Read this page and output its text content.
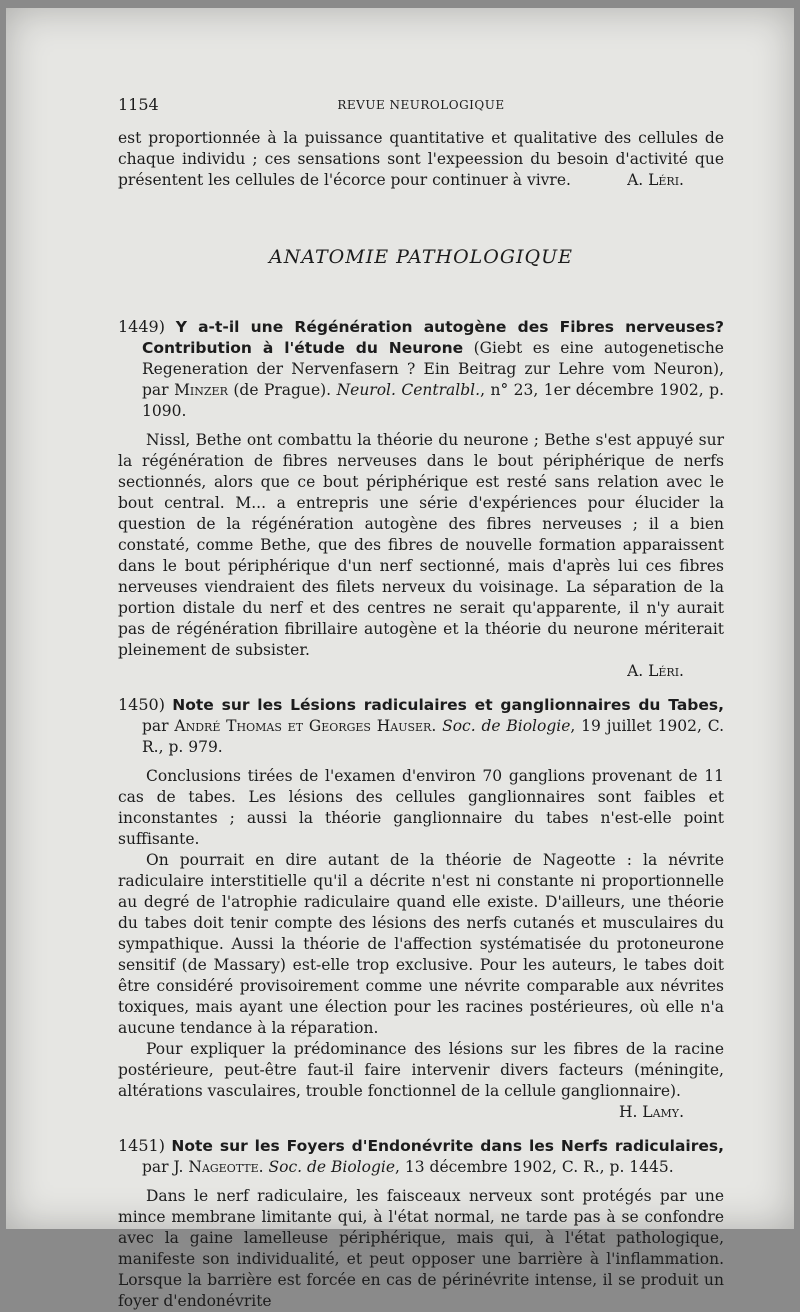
1154	REVUE NEUROLOGIQUE

est proportionnée à la puissance quantitative et qualitative des cellules de chaque individu ; ces sensations sont l'expeession du besoin d'activité que présentent les cellules de l'écorce pour continuer à vivre.	A. Léri.

ANATOMIE PATHOLOGIQUE

1449) Y a-t-il une Régénération autogène des Fibres nerveuses? Contribution à l'étude du Neurone (Giebt es eine autogenetische Regeneration der Nervenfasern ? Ein Beitrag zur Lehre vom Neuron), par Minzer (de Prague). Neurol. Centralbl., n° 23, 1er décembre 1902, p. 1090.

Nissl, Bethe ont combattu la théorie du neurone ; Bethe s'est appuyé sur la régénération de fibres nerveuses dans le bout périphérique de nerfs sectionnés, alors que ce bout périphérique est resté sans relation avec le bout central. M... a entrepris une série d'expériences pour élucider la question de la régénération autogène des fibres nerveuses ; il a bien constaté, comme Bethe, que des fibres de nouvelle formation apparaissent dans le bout périphérique d'un nerf sectionné, mais d'après lui ces fibres nerveuses viendraient des filets nerveux du voisinage. La séparation de la portion distale du nerf et des centres ne serait qu'apparente, il n'y aurait pas de régénération fibrillaire autogène et la théorie du neurone mériterait pleinement de subsister.

A. Léri.

1450) Note sur les Lésions radiculaires et ganglionnaires du Tabes, par André Thomas et Georges Hauser. Soc. de Biologie, 19 juillet 1902, C. R., p. 979.

Conclusions tirées de l'examen d'environ 70 ganglions provenant de 11 cas de tabes. Les lésions des cellules ganglionnaires sont faibles et inconstantes ; aussi la théorie ganglionnaire du tabes n'est-elle point suffisante.

On pourrait en dire autant de la théorie de Nageotte : la névrite radiculaire interstitielle qu'il a décrite n'est ni constante ni proportionnelle au degré de l'atrophie radiculaire quand elle existe. D'ailleurs, une théorie du tabes doit tenir compte des lésions des nerfs cutanés et musculaires du sympathique. Aussi la théorie de l'affection systématisée du protoneurone sensitif (de Massary) est-elle trop exclusive. Pour les auteurs, le tabes doit être considéré provisoirement comme une névrite comparable aux névrites toxiques, mais ayant une élection pour les racines postérieures, où elle n'a aucune tendance à la réparation.

Pour expliquer la prédominance des lésions sur les fibres de la racine postérieure, peut-être faut-il faire intervenir divers facteurs (méningite, altérations vasculaires, trouble fonctionnel de la cellule ganglionnaire).

H. Lamy.

1451) Note sur les Foyers d'Endonévrite dans les Nerfs radiculaires, par J. Nageotte. Soc. de Biologie, 13 décembre 1902, C. R., p. 1445.

Dans le nerf radiculaire, les faisceaux nerveux sont protégés par une mince membrane limitante qui, à l'état normal, ne tarde pas à se confondre avec la gaine lamelleuse périphérique, mais qui, à l'état pathologique, manifeste son individualité, et peut opposer une barrière à l'inflammation. Lorsque la barrière est forcée en cas de périnévrite intense, il se produit un foyer d'endonévrite
